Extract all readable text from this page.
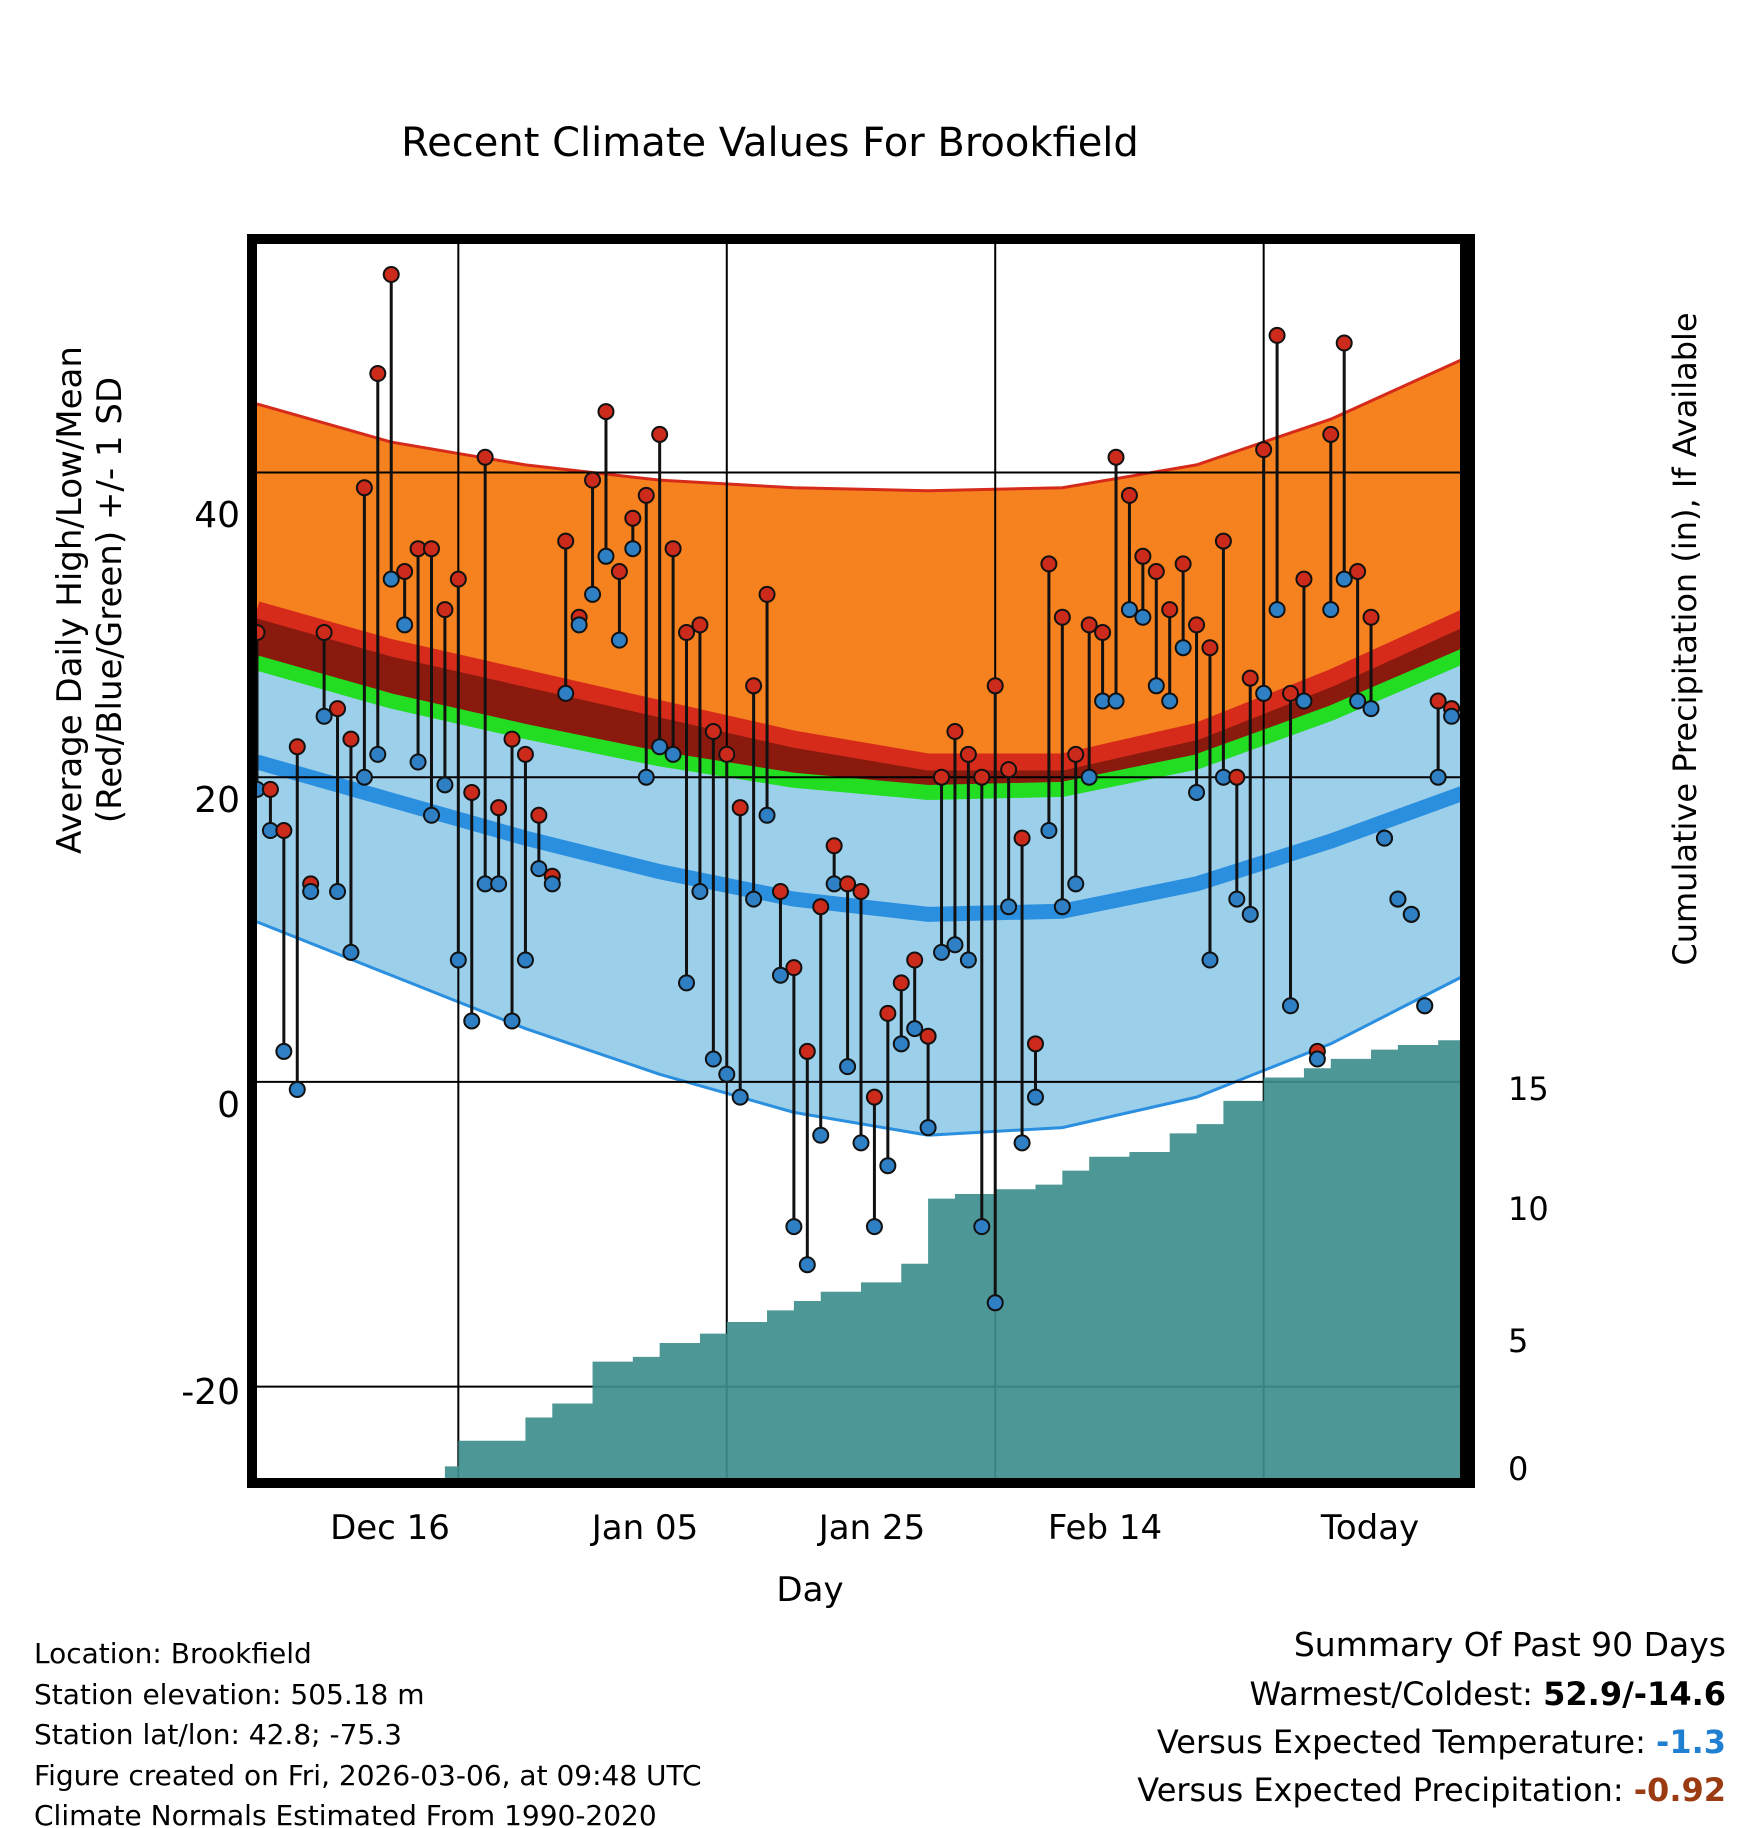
Recent Climate Values For Brookfield
Average Daily High/Low/Mean (Red/Blue/Green) +/- 1 SD	Cumulative Precipitation (in), If Available
40
20
0
-20
15
10
5
0
Dec 16	Jan 05	Jan 25	Feb 14	Today
Day
Location: Brookfield
Station elevation: 505.18 m
Station lat/lon: 42.8; -75.3
Figure created on Fri, 2026-03-06, at 09:48 UTC
Climate Normals Estimated From 1990-2020
Summary Of Past 90 Days
Warmest/Coldest: 52.9/-14.6
Versus Expected Temperature: -1.3
Versus Expected Precipitation: -0.92
